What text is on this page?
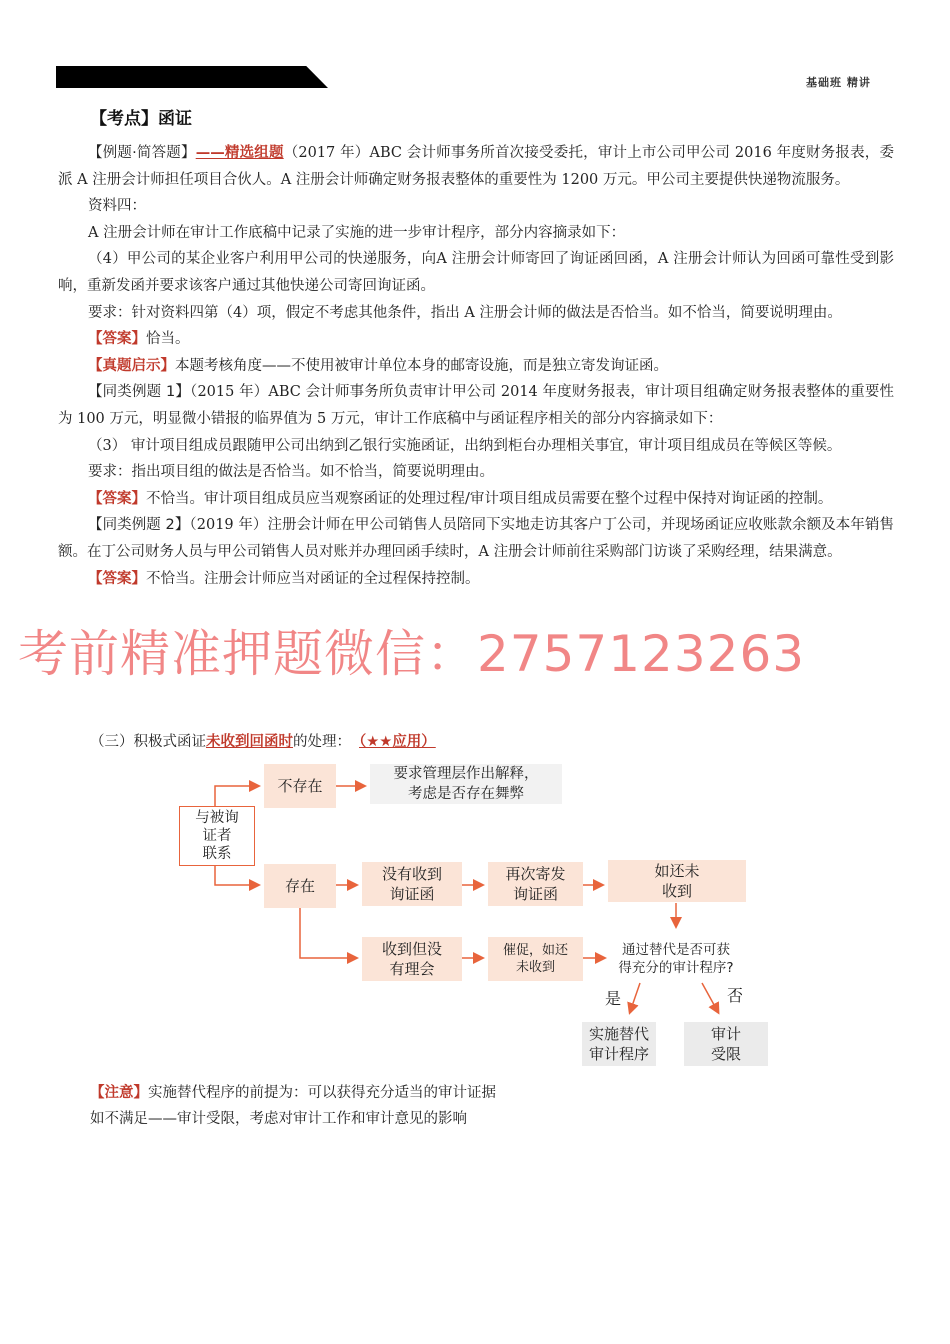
基础班 精讲
【考点】函证

【例题·简答题】——精选组题（2017 年）ABC 会计师事务所首次接受委托，审计上市公司甲公司 2016 年度财务报表，委派 A 注册会计师担任项目合伙人。A 注册会计师确定财务报表整体的重要性为 1200 万元。甲公司主要提供快递物流服务。

资料四：

A 注册会计师在审计工作底稿中记录了实施的进一步审计程序，部分内容摘录如下：

（4）甲公司的某企业客户利用甲公司的快递服务，向A 注册会计师寄回了询证函回函，A 注册会计师认为回函可靠性受到影响，重新发函并要求该客户通过其他快递公司寄回询证函。

要求：针对资料四第（4）项，假定不考虑其他条件，指出 A 注册会计师的做法是否恰当。如不恰当，简要说明理由。

【答案】恰当。

【真题启示】本题考核角度——不使用被审计单位本身的邮寄设施，而是独立寄发询证函。

【同类例题 1】（2015 年）ABC 会计师事务所负责审计甲公司 2014 年度财务报表，审计项目组确定财务报表整体的重要性为 100 万元，明显微小错报的临界值为 5 万元，审计工作底稿中与函证程序相关的部分内容摘录如下：

（3） 审计项目组成员跟随甲公司出纳到乙银行实施函证，出纳到柜台办理相关事宜，审计项目组成员在等候区等候。

要求：指出项目组的做法是否恰当。如不恰当，简要说明理由。

【答案】不恰当。审计项目组成员应当观察函证的处理过程/审计项目组成员需要在整个过程中保持对询证函的控制。

【同类例题 2】（2019 年）注册会计师在甲公司销售人员陪同下实地走访其客户丁公司，并现场函证应收账款余额及本年销售额。在丁公司财务人员与甲公司销售人员对账并办理回函手续时，A 注册会计师前往采购部门访谈了采购经理，结果满意。

【答案】不恰当。注册会计师应当对函证的全过程保持控制。

考前精准押题微信：2757123263
（三）积极式函证未收到回函时的处理： （★★应用）
与被询
证者
联系
不存在
要求管理层作出解释，
考虑是否存在舞弊
存在
没有收到
询证函
再次寄发
询证函
如还未
收到
收到但没
有理会
催促，如还
未收到
通过替代是否可获
得充分的审计程序?
是	否
实施替代
审计程序
审计
受限
【注意】实施替代程序的前提为：可以获得充分适当的审计证据
如不满足——审计受限，考虑对审计工作和审计意见的影响
